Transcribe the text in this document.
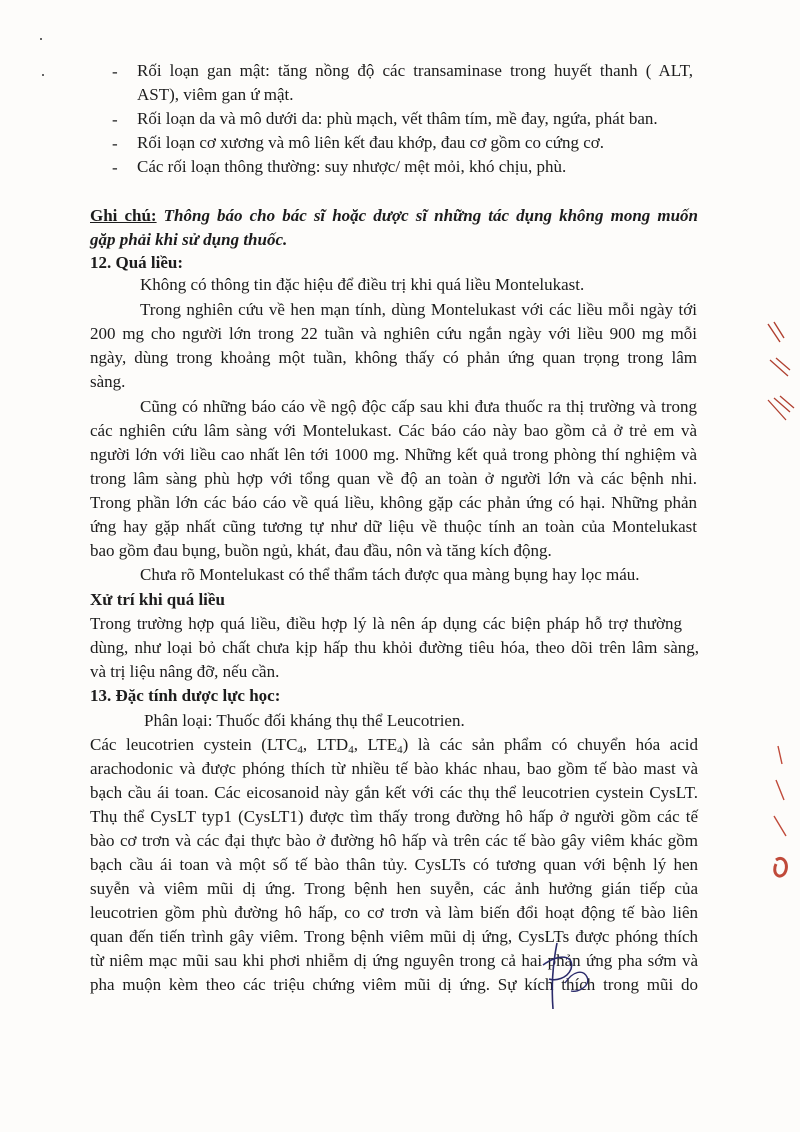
- Rối loạn gan mật: tăng nồng độ các transaminase trong huyết thanh ( ALT,
AST), viêm gan ứ mật.
- Rối loạn da và mô dưới da: phù mạch, vết thâm tím, mề đay, ngứa, phát ban.
- Rối loạn cơ xương và mô liên kết đau khớp, đau cơ gồm co cứng cơ.
- Các rối loạn thông thường: suy nhược/ mệt mỏi, khó chịu, phù.
Ghi chú: Thông báo cho bác sĩ hoặc dược sĩ những tác dụng không mong muốn
gặp phải khi sử dụng thuốc.
12. Quá liều:
Không có thông tin đặc hiệu để điều trị khi quá liều Montelukast.
Trong nghiên cứu về hen mạn tính, dùng Montelukast với các liều mỗi ngày tới
200 mg cho người lớn trong 22 tuần và nghiên cứu ngắn ngày với liều 900 mg mỗi
ngày, dùng trong khoảng một tuần, không thấy có phản ứng quan trọng trong lâm
sàng.
Cũng có những báo cáo về ngộ độc cấp sau khi đưa thuốc ra thị trường và trong
các nghiên cứu lâm sàng với Montelukast. Các báo cáo này bao gồm cả ở trẻ em và
người lớn với liều cao nhất lên tới 1000 mg. Những kết quả trong phòng thí nghiệm và
trong lâm sàng phù hợp với tổng quan về độ an toàn ở người lớn và các bệnh nhi.
Trong phần lớn các báo cáo về quá liều, không gặp các phản ứng có hại. Những phản
ứng hay gặp nhất cũng tương tự như dữ liệu về thuộc tính an toàn của Montelukast
bao gồm đau bụng, buồn ngủ, khát, đau đầu, nôn và tăng kích động.
Chưa rõ Montelukast có thể thẩm tách được qua màng bụng hay lọc máu.
Xử trí khi quá liều
Trong trường hợp quá liều, điều hợp lý là nên áp dụng các biện pháp hỗ trợ thường
dùng, như loại bỏ chất chưa kịp hấp thu khỏi đường tiêu hóa, theo dõi trên lâm sàng,
và trị liệu nâng đỡ, nếu cần.
13. Đặc tính dược lực học:
Phân loại: Thuốc đối kháng thụ thể Leucotrien.
Các leucotrien cystein ($LTC_4$, $LTD_4$, $LTE_4$) là các sản phẩm có chuyển hóa acid
arachodonic và được phóng thích từ nhiều tế bào khác nhau, bao gồm tế bào mast và
bạch cầu ái toan. Các eicosanoid này gắn kết với các thụ thể leucotrien cystein CysLT.
Thụ thể CysLT typ1 (CysLT1) được tìm thấy trong đường hô hấp ở người gồm các tế
bào cơ trơn và các đại thực bào ở đường hô hấp và trên các tế bào gây viêm khác gồm
bạch cầu ái toan và một số tế bào thân tủy. CysLTs có tương quan với bệnh lý hen
suyễn và viêm mũi dị ứng. Trong bệnh hen suyễn, các ảnh hưởng gián tiếp của
leucotrien gồm phù đường hô hấp, co cơ trơn và làm biến đổi hoạt động tế bào liên
quan đến tiến trình gây viêm. Trong bệnh viêm mũi dị ứng, CysLTs được phóng thích
từ niêm mạc mũi sau khi phơi nhiễm dị ứng nguyên trong cả hai phản ứng pha sớm và
pha muộn kèm theo các triệu chứng viêm mũi dị ứng. Sự kích thích trong mũi do
